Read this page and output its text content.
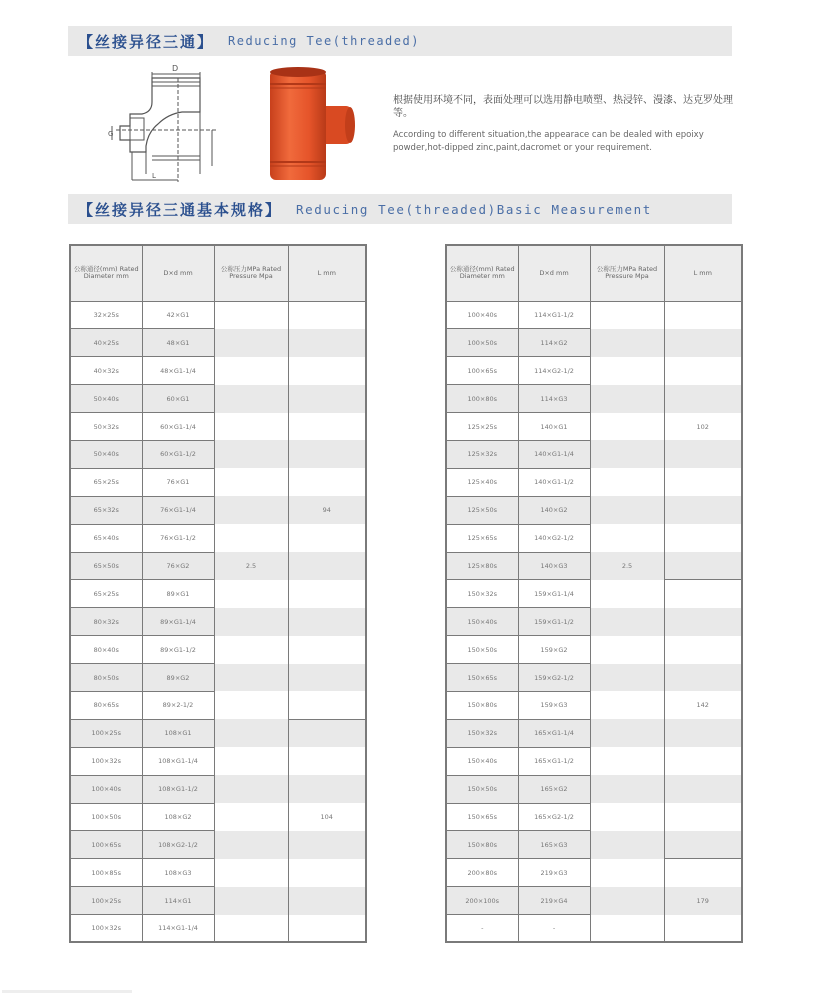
【丝接异径三通】 Reducing Tee(threaded)
D
G
L

根据使用环境不同，表面处理可以选用静电喷塑、热浸锌、漫漆、达克罗处理等。

According to different situation,the appearace can be dealed with epoixy powder,hot-dipped zinc,paint,dacromet or your requirement.

【丝接异径三通基本规格】 Reducing Tee(threaded)Basic Measurement
公称通径(mm) Rated Diameter mm	D×d mm	公称压力MPa Rated Pressure Mpa	L mm
32×25s	42×G1		
40×25s	48×G1		
40×32s	48×G1-1/4		
50×40s	60×G1		
50×32s	60×G1-1/4		
50×40s	60×G1-1/2		
65×25s	76×G1		
65×32s	76×G1-1/4		94
65×40s	76×G1-1/2		
65×50s	76×G2	2.5	
65×25s	89×G1		
80×32s	89×G1-1/4		
80×40s	89×G1-1/2		
80×50s	89×G2		
80×65s	89×2-1/2		
100×25s	108×G1		
100×32s	108×G1-1/4		
100×40s	108×G1-1/2		
100×50s	108×G2		104
100×65s	108×G2-1/2		
100×85s	108×G3		
100×25s	114×G1		
100×32s	114×G1-1/4		
公称通径(mm) Rated Diameter mm	D×d mm	公称压力MPa Rated Pressure Mpa	L mm
100×40s	114×G1-1/2		
100×50s	114×G2		
100×65s	114×G2-1/2		
100×80s	114×G3		
125×25s	140×G1		102
125×32s	140×G1-1/4		
125×40s	140×G1-1/2		
125×50s	140×G2		
125×65s	140×G2-1/2		
125×80s	140×G3	2.5	
150×32s	159×G1-1/4		
150×40s	159×G1-1/2		
150×50s	159×G2		
150×65s	159×G2-1/2		
150×80s	159×G3		142
150×32s	165×G1-1/4		
150×40s	165×G1-1/2		
150×50s	165×G2		
150×65s	165×G2-1/2		
150×80s	165×G3		
200×80s	219×G3		
200×100s	219×G4		179
-	-		
